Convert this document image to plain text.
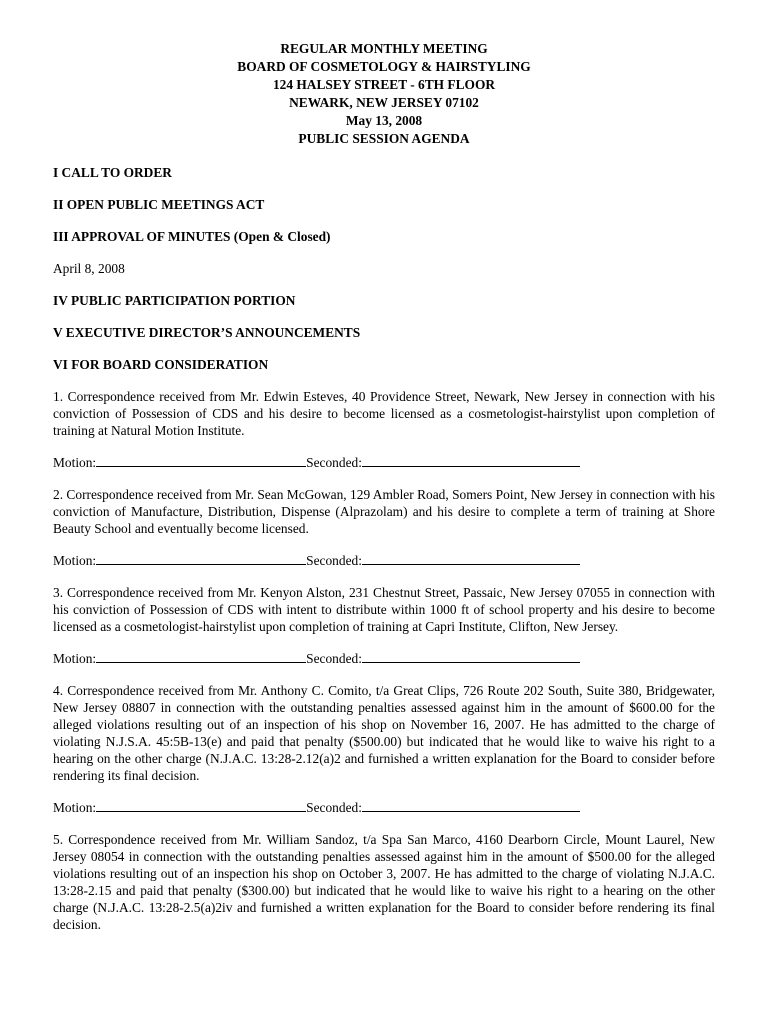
REGULAR MONTHLY MEETING
BOARD OF COSMETOLOGY & HAIRSTYLING
124 HALSEY STREET - 6TH FLOOR
NEWARK, NEW JERSEY 07102
May 13, 2008
PUBLIC SESSION AGENDA
I CALL TO ORDER
II OPEN PUBLIC MEETINGS ACT
III APPROVAL OF MINUTES (Open & Closed)
April 8, 2008
IV PUBLIC PARTICIPATION PORTION
V EXECUTIVE DIRECTOR’S ANNOUNCEMENTS
VI FOR BOARD CONSIDERATION
1. Correspondence received from Mr. Edwin Esteves, 40 Providence Street, Newark, New Jersey in connection with his conviction of Possession of CDS and his desire to become licensed as a cosmetologist-hairstylist upon completion of training at Natural Motion Institute.
Motion:	Seconded:
2. Correspondence received from Mr. Sean McGowan, 129 Ambler Road, Somers Point, New Jersey in connection with his conviction of Manufacture, Distribution, Dispense (Alprazolam) and his desire to complete a term of training at Shore Beauty School and eventually become licensed.
Motion:	Seconded:
3. Correspondence received from Mr. Kenyon Alston, 231 Chestnut Street, Passaic, New Jersey 07055 in connection with his conviction of Possession of CDS with intent to distribute within 1000 ft of school property and his desire to become licensed as a cosmetologist-hairstylist upon completion of training at Capri Institute, Clifton, New Jersey.
Motion:	Seconded:
4. Correspondence received from Mr. Anthony C. Comito, t/a Great Clips, 726 Route 202 South, Suite 380, Bridgewater, New Jersey 08807 in connection with the outstanding penalties assessed against him in the amount of $600.00 for the alleged violations resulting out of an inspection of his shop on November 16, 2007. He has admitted to the charge of violating N.J.S.A. 45:5B-13(e) and paid that penalty ($500.00) but indicated that he would like to waive his right to a hearing on the other charge (N.J.A.C. 13:28-2.12(a)2 and furnished a written explanation for the Board to consider before rendering its final decision.
Motion:	Seconded:
5. Correspondence received from Mr. William Sandoz, t/a Spa San Marco, 4160 Dearborn Circle, Mount Laurel, New Jersey 08054 in connection with the outstanding penalties assessed against him in the amount of $500.00 for the alleged violations resulting out of an inspection his shop on October 3, 2007. He has admitted to the charge of violating N.J.A.C. 13:28-2.15 and paid that penalty ($300.00) but indicated that he would like to waive his right to a hearing on the other charge (N.J.A.C. 13:28-2.5(a)2iv and furnished a written explanation for the Board to consider before rendering its final decision.
